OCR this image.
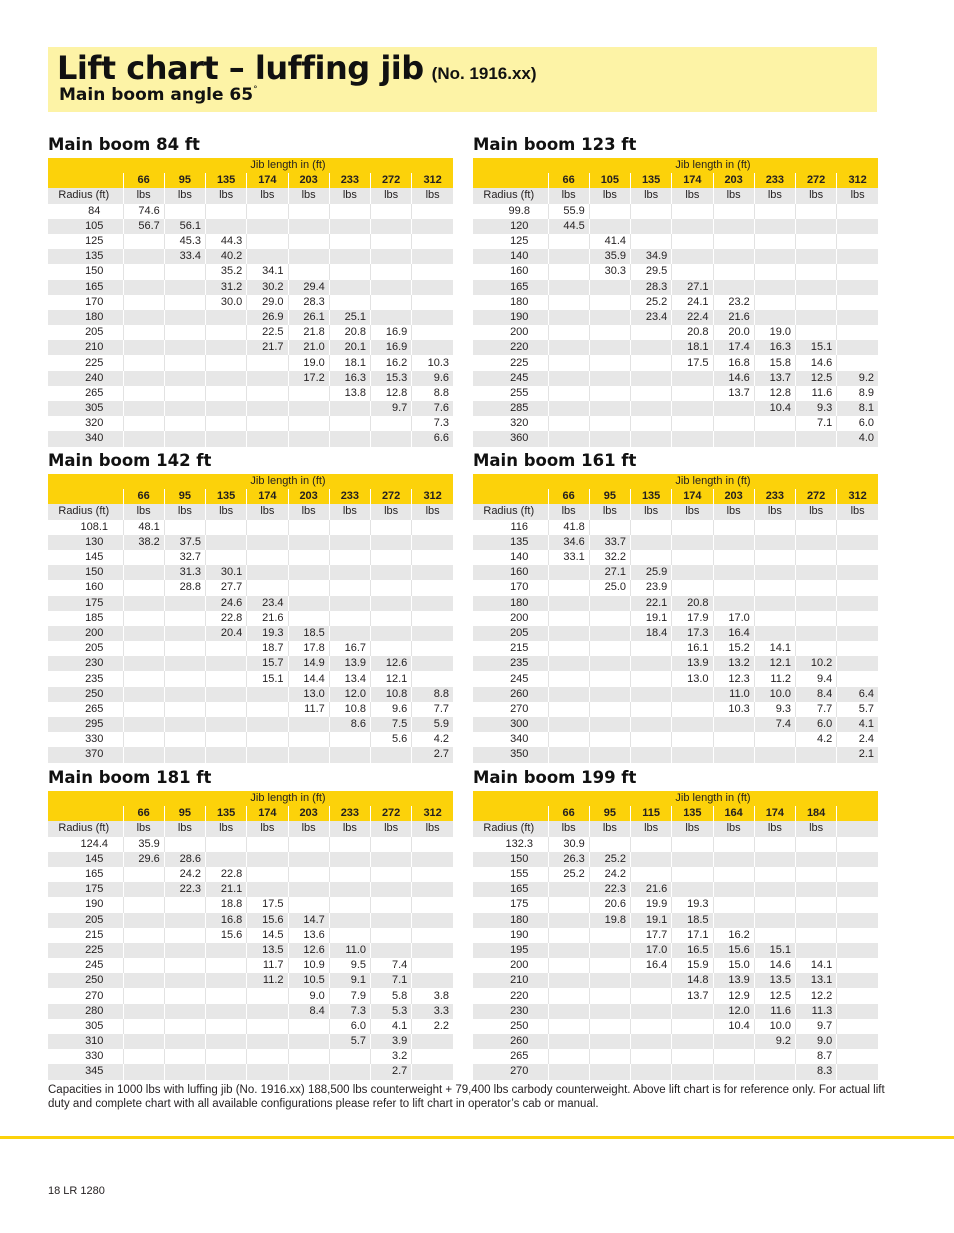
Lift chart – luffing jib (No. 1916.xx)
Main boom angle 65°
Main boom 84 ft
	Jib length in (ft)							
	66	95	135	174	203	233	272	312
Radius (ft)	lbs	lbs	lbs	lbs	lbs	lbs	lbs	lbs
84	74.6							
105	56.7	56.1						
125		45.3	44.3					
135		33.4	40.2					
150			35.2	34.1				
165			31.2	30.2	29.4			
170			30.0	29.0	28.3			
180				26.9	26.1	25.1		
205				22.5	21.8	20.8	16.9	
210				21.7	21.0	20.1	16.9	
225					19.0	18.1	16.2	10.3
240					17.2	16.3	15.3	9.6
265						13.8	12.8	8.8
305							9.7	7.6
320								7.3
340								6.6
Main boom 123 ft
	Jib length in (ft)							
	66	105	135	174	203	233	272	312
Radius (ft)	lbs	lbs	lbs	lbs	lbs	lbs	lbs	lbs
99.8	55.9							
120	44.5							
125		41.4						
140		35.9	34.9					
160		30.3	29.5					
165			28.3	27.1				
180			25.2	24.1	23.2			
190			23.4	22.4	21.6			
200				20.8	20.0	19.0		
220				18.1	17.4	16.3	15.1	
225				17.5	16.8	15.8	14.6	
245					14.6	13.7	12.5	9.2
255					13.7	12.8	11.6	8.9
285						10.4	9.3	8.1
320							7.1	6.0
360								4.0
Main boom 142 ft
	Jib length in (ft)							
	66	95	135	174	203	233	272	312
Radius (ft)	lbs	lbs	lbs	lbs	lbs	lbs	lbs	lbs
108.1	48.1							
130	38.2	37.5						
145		32.7						
150		31.3	30.1					
160		28.8	27.7					
175			24.6	23.4				
185			22.8	21.6				
200			20.4	19.3	18.5			
205				18.7	17.8	16.7		
230				15.7	14.9	13.9	12.6	
235				15.1	14.4	13.4	12.1	
250					13.0	12.0	10.8	8.8
265					11.7	10.8	9.6	7.7
295						8.6	7.5	5.9
330							5.6	4.2
370								2.7
Main boom 161 ft
	Jib length in (ft)							
	66	95	135	174	203	233	272	312
Radius (ft)	lbs	lbs	lbs	lbs	lbs	lbs	lbs	lbs
116	41.8							
135	34.6	33.7						
140	33.1	32.2						
160		27.1	25.9					
170		25.0	23.9					
180			22.1	20.8				
200			19.1	17.9	17.0			
205			18.4	17.3	16.4			
215				16.1	15.2	14.1		
235				13.9	13.2	12.1	10.2	
245				13.0	12.3	11.2	9.4	
260					11.0	10.0	8.4	6.4
270					10.3	9.3	7.7	5.7
300						7.4	6.0	4.1
340							4.2	2.4
350								2.1
Main boom 181 ft
	Jib length in (ft)							
	66	95	135	174	203	233	272	312
Radius (ft)	lbs	lbs	lbs	lbs	lbs	lbs	lbs	lbs
124.4	35.9							
145	29.6	28.6						
165		24.2	22.8					
175		22.3	21.1					
190			18.8	17.5				
205			16.8	15.6	14.7			
215			15.6	14.5	13.6			
225				13.5	12.6	11.0		
245				11.7	10.9	9.5	7.4	
250				11.2	10.5	9.1	7.1	
270					9.0	7.9	5.8	3.8
280					8.4	7.3	5.3	3.3
305						6.0	4.1	2.2
310						5.7	3.9	
330							3.2	
345							2.7	
Main boom 199 ft
	Jib length in (ft)							
	66	95	115	135	164	174	184	
Radius (ft)	lbs	lbs	lbs	lbs	lbs	lbs	lbs	
132.3	30.9							
150	26.3	25.2						
155	25.2	24.2						
165		22.3	21.6					
175		20.6	19.9	19.3				
180		19.8	19.1	18.5				
190			17.7	17.1	16.2			
195			17.0	16.5	15.6	15.1		
200			16.4	15.9	15.0	14.6	14.1	
210				14.8	13.9	13.5	13.1	
220				13.7	12.9	12.5	12.2	
230					12.0	11.6	11.3	
250					10.4	10.0	9.7	
260						9.2	9.0	
265							8.7	
270							8.3	
Capacities in 1000 lbs with luffing jib (No. 1916.xx) 188,500 lbs counterweight + 79,400 lbs carbody counterweight. Above lift chart is for reference only. For actual lift duty and complete chart with all available configurations please refer to lift chart in operator’s cab or manual.
18 LR 1280
